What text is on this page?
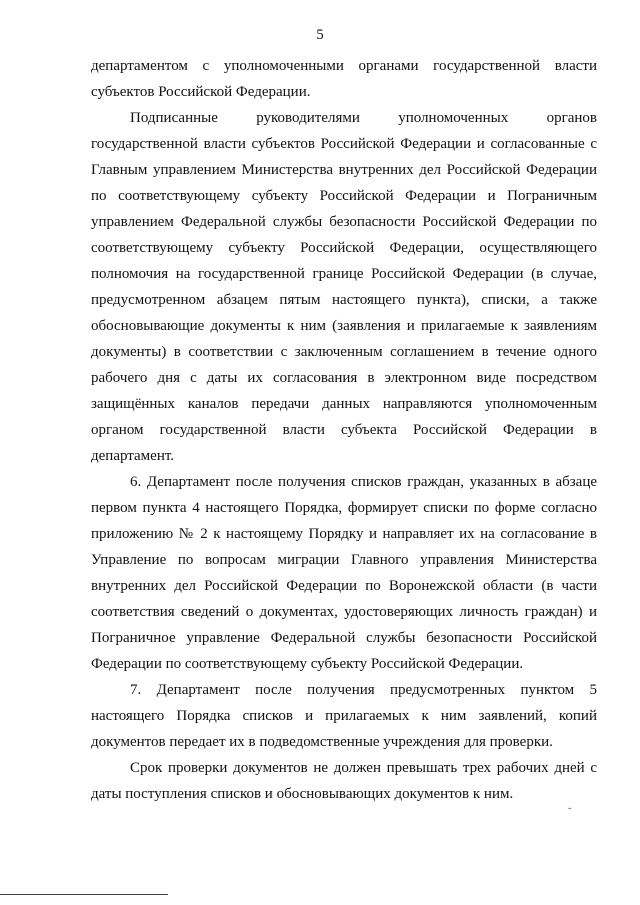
5

департаментом с уполномоченными органами государственной власти субъектов Российской Федерации.

Подписанные руководителями уполномоченных органов государственной власти субъектов Российской Федерации и согласованные с Главным управлением Министерства внутренних дел Российской Федерации по соответствующему субъекту Российской Федерации и Пограничным управлением Федеральной службы безопасности Российской Федерации по соответствующему субъекту Российской Федерации, осуществляющего полномочия на государственной границе Российской Федерации (в случае, предусмотренном абзацем пятым настоящего пункта), списки, а также обосновывающие документы к ним (заявления и прилагаемые к заявлениям документы) в соответствии с заключенным соглашением в течение одного рабочего дня с даты их согласования в электронном виде посредством защищённых каналов передачи данных направляются уполномоченным органом государственной власти субъекта Российской Федерации в департамент.

6. Департамент после получения списков граждан, указанных в абзаце первом пункта 4 настоящего Порядка, формирует списки по форме согласно приложению № 2 к настоящему Порядку и направляет их на согласование в Управление по вопросам миграции Главного управления Министерства внутренних дел Российской Федерации по Воронежской области (в части соответствия сведений о документах, удостоверяющих личность граждан) и Пограничное управление Федеральной службы безопасности Российской Федерации по соответствующему субъекту Российской Федерации.

7. Департамент после получения предусмотренных пунктом 5 настоящего Порядка списков и прилагаемых к ним заявлений, копий документов передает их в подведомственные учреждения для проверки.

Срок проверки документов не должен превышать трех рабочих дней с даты поступления списков и обосновывающих документов к ним.

˘
